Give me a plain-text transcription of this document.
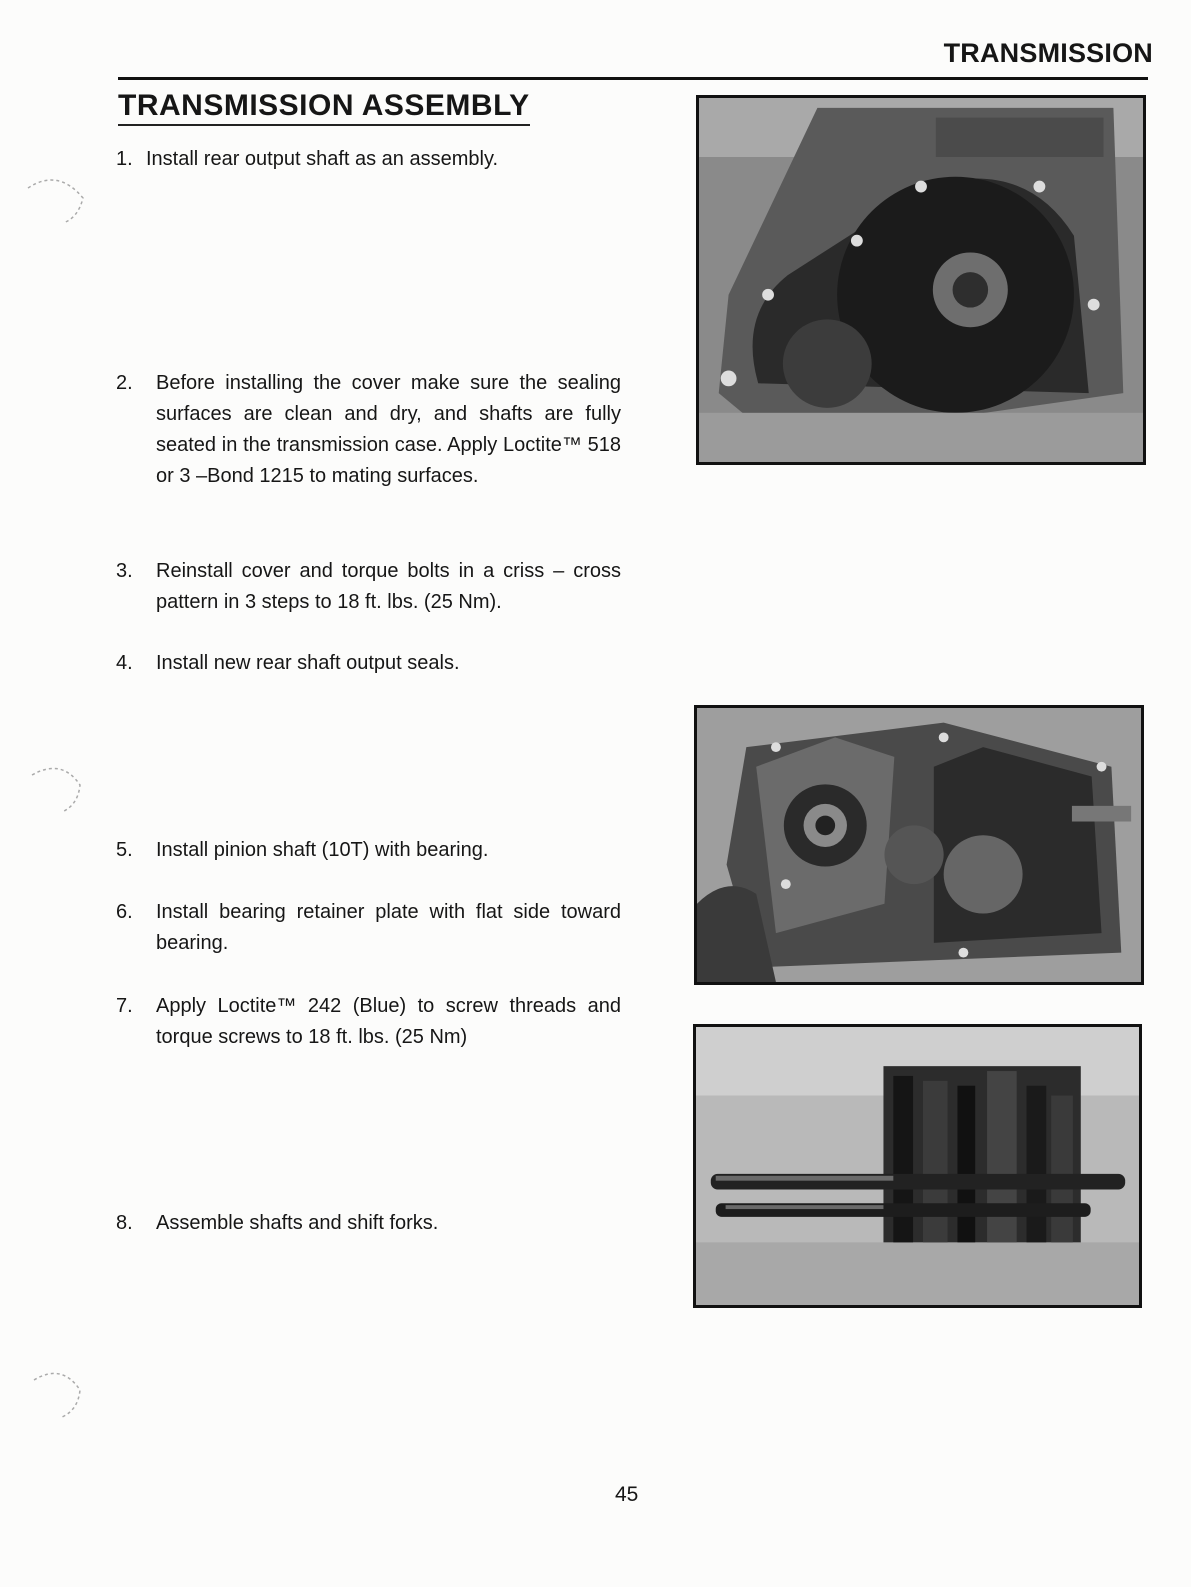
TRANSMISSION
TRANSMISSION ASSEMBLY
1. Install rear output shaft as an assembly.
2. Before installing the cover make sure the sealing surfaces are clean and dry, and shafts are fully seated in the transmission case. Apply Loctite™ 518 or 3 –Bond 1215 to mating surfaces.
3. Reinstall cover and torque bolts in a criss – cross pattern in 3 steps to 18 ft. lbs. (25 Nm).
4. Install new rear shaft output seals.
5. Install pinion shaft (10T) with bearing.
6. Install bearing retainer plate with flat side toward bearing.
7. Apply Loctite™ 242 (Blue) to screw threads and torque screws to 18 ft. lbs. (25 Nm)
8. Assemble shafts and shift forks.
45
